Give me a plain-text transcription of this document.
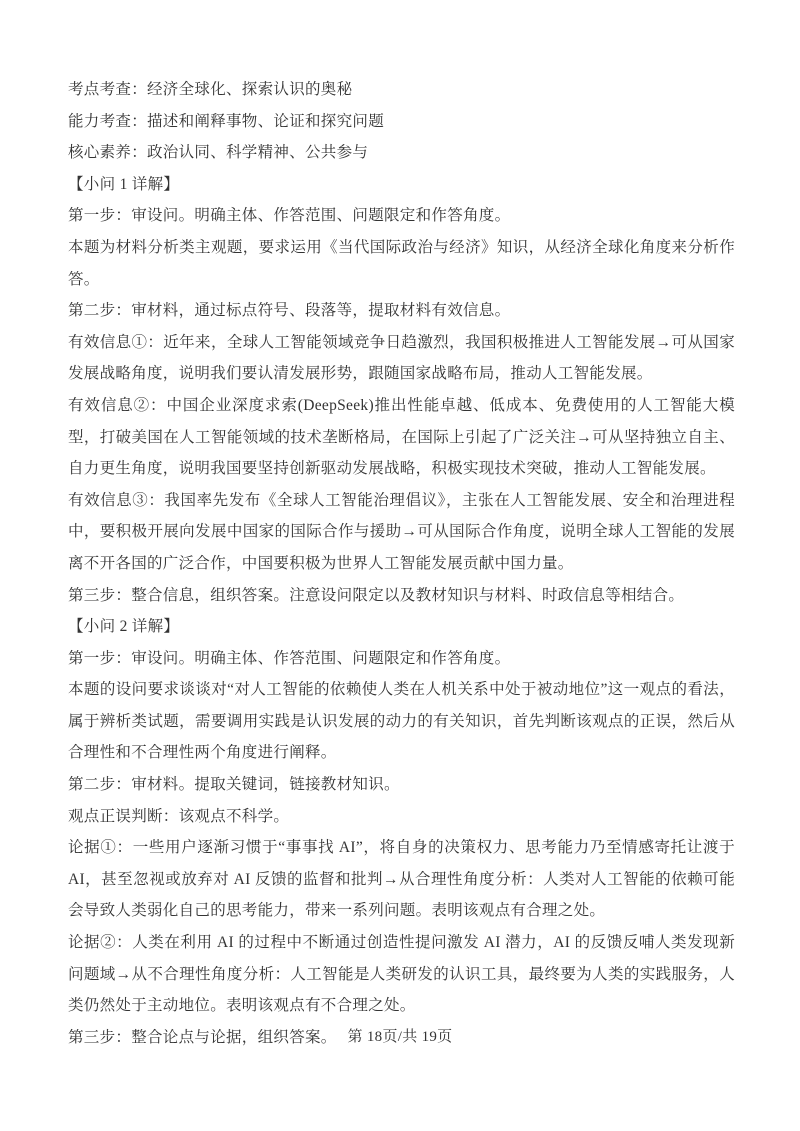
考点考查：经济全球化、探索认识的奥秘

能力考查：描述和阐释事物、论证和探究问题

核心素养：政治认同、科学精神、公共参与

【小问 1 详解】

第一步：审设问。明确主体、作答范围、问题限定和作答角度。

本题为材料分析类主观题，要求运用《当代国际政治与经济》知识，从经济全球化角度来分析作答。

第二步：审材料，通过标点符号、段落等，提取材料有效信息。

有效信息①：近年来，全球人工智能领域竞争日趋激烈，我国积极推进人工智能发展→可从国家发展战略角度，说明我们要认清发展形势，跟随国家战略布局，推动人工智能发展。

有效信息②：中国企业深度求索(DeepSeek)推出性能卓越、低成本、免费使用的人工智能大模型，打破美国在人工智能领域的技术垄断格局，在国际上引起了广泛关注→可从坚持独立自主、自力更生角度，说明我国要坚持创新驱动发展战略，积极实现技术突破，推动人工智能发展。

有效信息③：我国率先发布《全球人工智能治理倡议》，主张在人工智能发展、安全和治理进程中，要积极开展向发展中国家的国际合作与援助→可从国际合作角度，说明全球人工智能的发展离不开各国的广泛合作，中国要积极为世界人工智能发展贡献中国力量。

第三步：整合信息，组织答案。注意设问限定以及教材知识与材料、时政信息等相结合。

【小问 2 详解】

第一步：审设问。明确主体、作答范围、问题限定和作答角度。

本题的设问要求谈谈对“对人工智能的依赖使人类在人机关系中处于被动地位”这一观点的看法，属于辨析类试题，需要调用实践是认识发展的动力的有关知识，首先判断该观点的正误，然后从合理性和不合理性两个角度进行阐释。

第二步：审材料。提取关键词，链接教材知识。

观点正误判断：该观点不科学。

论据①：一些用户逐渐习惯于“事事找 AI”，将自身的决策权力、思考能力乃至情感寄托让渡于 AI，甚至忽视或放弃对 AI 反馈的监督和批判→从合理性角度分析：人类对人工智能的依赖可能会导致人类弱化自己的思考能力，带来一系列问题。表明该观点有合理之处。

论据②：人类在利用 AI 的过程中不断通过创造性提问激发 AI 潜力，AI 的反馈反哺人类发现新问题域→从不合理性角度分析：人工智能是人类研发的认识工具，最终要为人类的实践服务，人类仍然处于主动地位。表明该观点有不合理之处。

第三步：整合论点与论据，组织答案。 第 18页/共 19页
